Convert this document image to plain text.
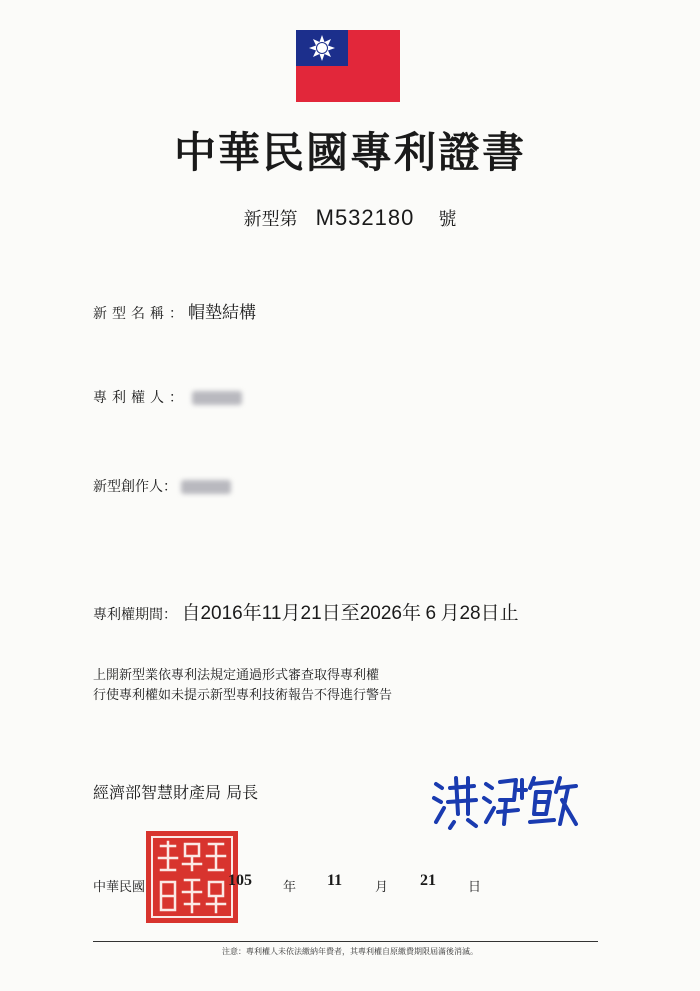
中華民國專利證書
新型第 M532180 號
新型名稱：帽墊結構
專利權人：
新型創作人：
專利權期間： 自2016年11月21日至2026年 6 月28日止
上開新型業依專利法規定通過形式審查取得專利權
行使專利權如未提示新型專利技術報告不得進行警告
經濟部智慧財產局 局長
中華民國	105 年 11	月 21 日
注意：專利權人未依法繳納年費者，其專利權自原繳費期限屆滿後消滅。
